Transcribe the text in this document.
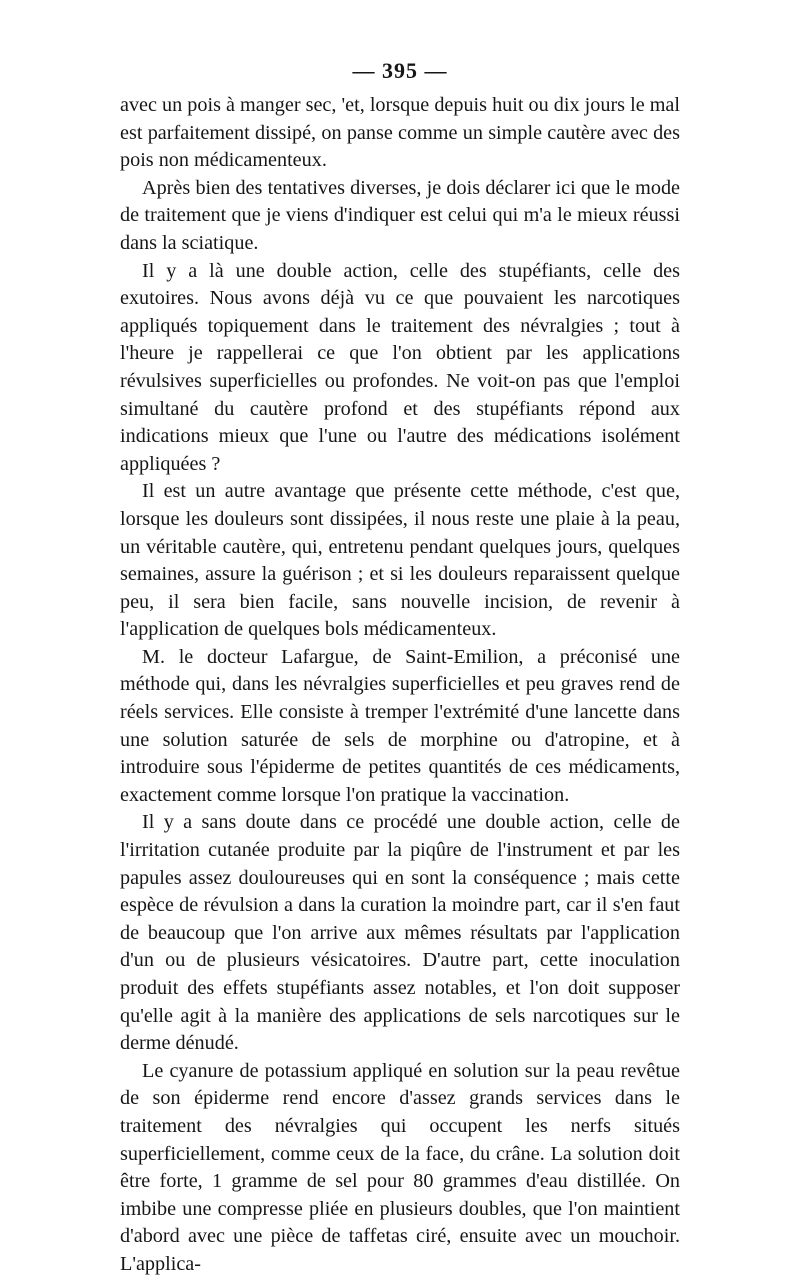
— 395 —

avec un pois à manger sec, 'et, lorsque depuis huit ou dix jours le mal est parfaitement dissipé, on panse comme un simple cautère avec des pois non médicamenteux.

Après bien des tentatives diverses, je dois déclarer ici que le mode de traitement que je viens d'indiquer est celui qui m'a le mieux réussi dans la sciatique.

Il y a là une double action, celle des stupéfiants, celle des exutoires. Nous avons déjà vu ce que pouvaient les narcotiques appliqués topiquement dans le traitement des névralgies ; tout à l'heure je rappellerai ce que l'on obtient par les applications révulsives superficielles ou profondes. Ne voit-on pas que l'emploi simultané du cautère profond et des stupéfiants répond aux indications mieux que l'une ou l'autre des médications isolément appliquées ?

Il est un autre avantage que présente cette méthode, c'est que, lorsque les douleurs sont dissipées, il nous reste une plaie à la peau, un véritable cautère, qui, entretenu pendant quelques jours, quelques semaines, assure la guérison ; et si les douleurs reparaissent quelque peu, il sera bien facile, sans nouvelle incision, de revenir à l'application de quelques bols médicamenteux.

M. le docteur Lafargue, de Saint-Emilion, a préconisé une méthode qui, dans les névralgies superficielles et peu graves rend de réels services. Elle consiste à tremper l'extrémité d'une lancette dans une solution saturée de sels de morphine ou d'atropine, et à introduire sous l'épiderme de petites quantités de ces médicaments, exactement comme lorsque l'on pratique la vaccination.

Il y a sans doute dans ce procédé une double action, celle de l'irritation cutanée produite par la piqûre de l'instrument et par les papules assez douloureuses qui en sont la conséquence ; mais cette espèce de révulsion a dans la curation la moindre part, car il s'en faut de beaucoup que l'on arrive aux mêmes résultats par l'application d'un ou de plusieurs vésicatoires. D'autre part, cette inoculation produit des effets stupéfiants assez notables, et l'on doit supposer qu'elle agit à la manière des applications de sels narcotiques sur le derme dénudé.

Le cyanure de potassium appliqué en solution sur la peau revêtue de son épiderme rend encore d'assez grands services dans le traitement des névralgies qui occupent les nerfs situés superficiellement, comme ceux de la face, du crâne. La solution doit être forte, 1 gramme de sel pour 80 grammes d'eau distillée. On imbibe une compresse pliée en plusieurs doubles, que l'on maintient d'abord avec une pièce de taffetas ciré, ensuite avec un mouchoir. L'applica-
